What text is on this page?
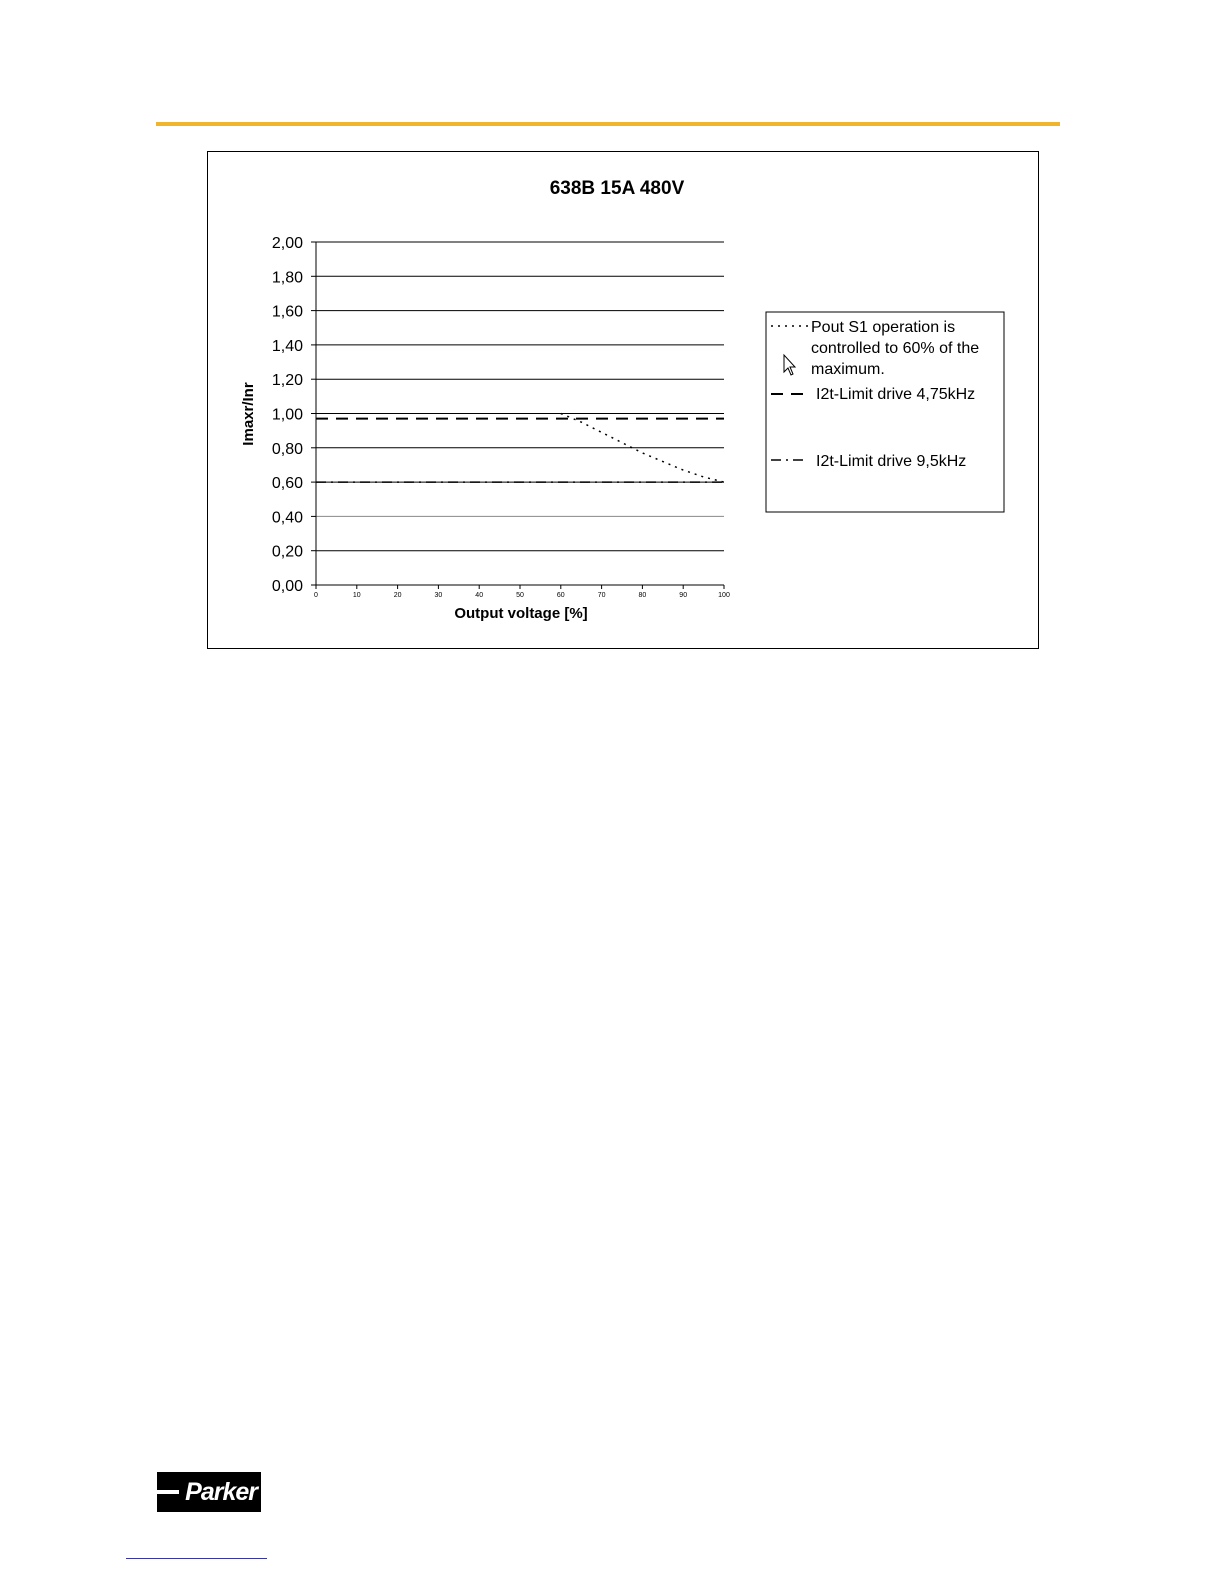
638B 15A 480V
0,00
0,20
0,40
0,60
0,80
1,00
1,20
1,40
1,60
1,80
2,00
0	10	20	30	40	50	60	70	80	90	100
Output voltage [%]
Imaxr/Inr
Pout S1 operation is
controlled to 60% of the
maximum.
I2t-Limit drive 4,75kHz
I2t-Limit drive 9,5kHz
Parker
